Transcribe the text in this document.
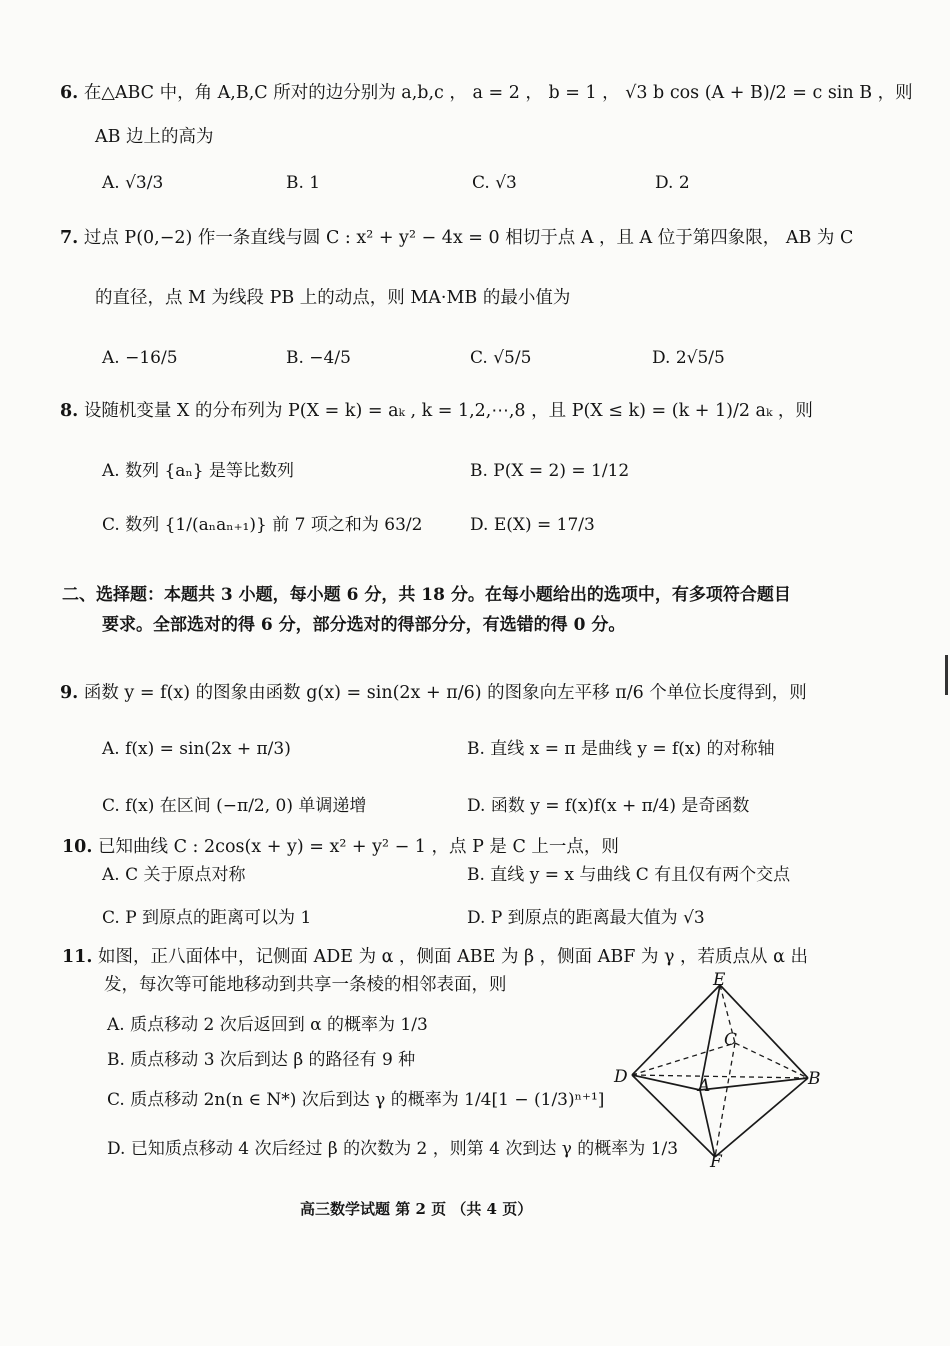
6. 在△ABC 中，角 A,B,C 所对的边分别为 a,b,c ， a = 2 ， b = 1 ， √3 b cos (A + B)/2 = c sin B ，则
AB 边上的高为
A. √3/3	B. 1	C. √3	D. 2
7. 过点 P(0,−2) 作一条直线与圆 C : x² + y² − 4x = 0 相切于点 A ，且 A 位于第四象限， AB 为 C
的直径，点 M 为线段 PB 上的动点，则 MA·MB 的最小值为
A. −16/5	B. −4/5	C. √5/5	D. 2√5/5
8. 设随机变量 X 的分布列为 P(X = k) = aₖ , k = 1,2,⋯,8 ，且 P(X ≤ k) = (k + 1)/2 aₖ ，则
A. 数列 {aₙ} 是等比数列	B. P(X = 2) = 1/12
C. 数列 {1/(aₙaₙ₊₁)} 前 7 项之和为 63/2	D. E(X) = 17/3
二、选择题：本题共 3 小题，每小题 6 分，共 18 分。在每小题给出的选项中，有多项符合题目
要求。全部选对的得 6 分，部分选对的得部分分，有选错的得 0 分。
9. 函数 y = f(x) 的图象由函数 g(x) = sin(2x + π/6) 的图象向左平移 π/6 个单位长度得到，则
A. f(x) = sin(2x + π/3)	B. 直线 x = π 是曲线 y = f(x) 的对称轴
C. f(x) 在区间 (−π/2, 0) 单调递增	D. 函数 y = f(x)f(x + π/4) 是奇函数
10. 已知曲线 C : 2cos(x + y) = x² + y² − 1 ，点 P 是 C 上一点，则
A. C 关于原点对称	B. 直线 y = x 与曲线 C 有且仅有两个交点
C. P 到原点的距离可以为 1	D. P 到原点的距离最大值为 √3
11. 如图，正八面体中，记侧面 ADE 为 α ，侧面 ABE 为 β ，侧面 ABF 为 γ ，若质点从 α 出
发，每次等可能地移动到共享一条棱的相邻表面，则
A. 质点移动 2 次后返回到 α 的概率为 1/3
B. 质点移动 3 次后到达 β 的路径有 9 种
C. 质点移动 2n(n ∈ N*) 次后到达 γ 的概率为 1/4[1 − (1/3)ⁿ⁺¹]
D. 已知质点移动 4 次后经过 β 的次数为 2 ，则第 4 次到达 γ 的概率为 1/3
E
C
D	A	B
F
高三数学试题 第 2 页 （共 4 页）
